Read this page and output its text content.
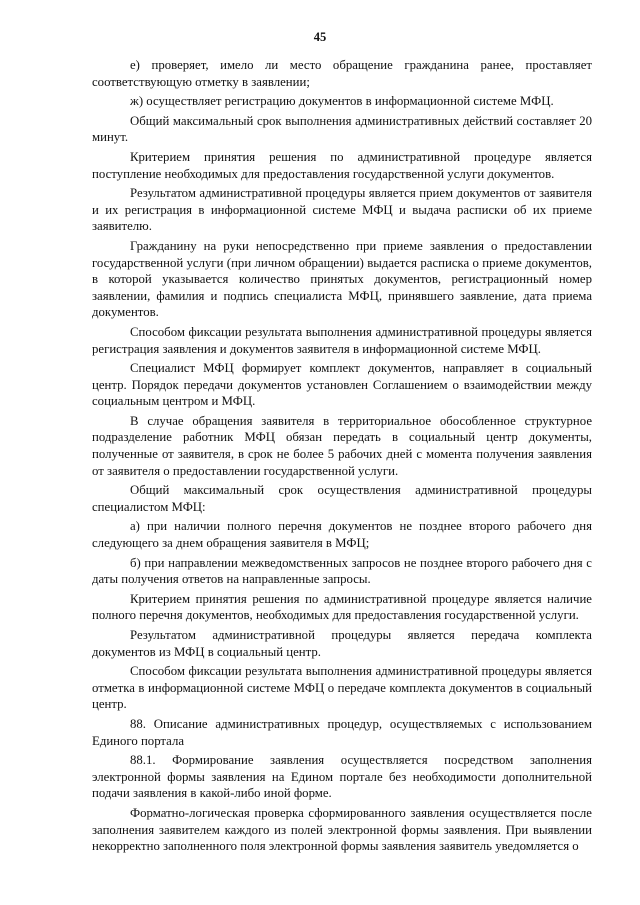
45

е) проверяет, имело ли место обращение гражданина ранее, проставляет соответствующую отметку в заявлении;

ж) осуществляет регистрацию документов в информационной системе МФЦ.

Общий максимальный срок выполнения административных действий составляет 20 минут.

Критерием принятия решения по административной процедуре является поступление необходимых для предоставления государственной услуги документов.

Результатом административной процедуры является прием документов от заявителя и их регистрация в информационной системе МФЦ и выдача расписки об их приеме заявителю.

Гражданину на руки непосредственно при приеме заявления о предоставлении государственной услуги (при личном обращении) выдается расписка о приеме документов, в которой указывается количество принятых документов, регистрационный номер заявлении, фамилия и подпись специалиста МФЦ, принявшего заявление, дата приема документов.

Способом фиксации результата выполнения административной процедуры является регистрация заявления и документов заявителя в информационной системе МФЦ.

Специалист МФЦ формирует комплект документов, направляет в социальный центр. Порядок передачи документов установлен Соглашением о взаимодействии между социальным центром и МФЦ.

В случае обращения заявителя в территориальное обособленное структурное подразделение работник МФЦ обязан передать в социальный центр документы, полученные от заявителя, в срок не более 5 рабочих дней с момента получения заявления от заявителя о предоставлении государственной услуги.

Общий максимальный срок осуществления административной процедуры специалистом МФЦ:

а) при наличии полного перечня документов не позднее второго рабочего дня следующего за днем обращения заявителя в МФЦ;

б) при направлении межведомственных запросов не позднее второго рабочего дня с даты получения ответов на направленные запросы.

Критерием принятия решения по административной процедуре является наличие полного перечня документов, необходимых для предоставления государственной услуги.

Результатом административной процедуры является передача комплекта документов из МФЦ в социальный центр.

Способом фиксации результата выполнения административной процедуры является отметка в информационной системе МФЦ о передаче комплекта документов в социальный центр.

88. Описание административных процедур, осуществляемых с использованием Единого портала

88.1. Формирование заявления осуществляется посредством заполнения электронной формы заявления на Едином портале без необходимости дополнительной подачи заявления в какой-либо иной форме.

Форматно-логическая проверка сформированного заявления осуществляется после заполнения заявителем каждого из полей электронной формы заявления. При выявлении некорректно заполненного поля электронной формы заявления заявитель уведомляется о
